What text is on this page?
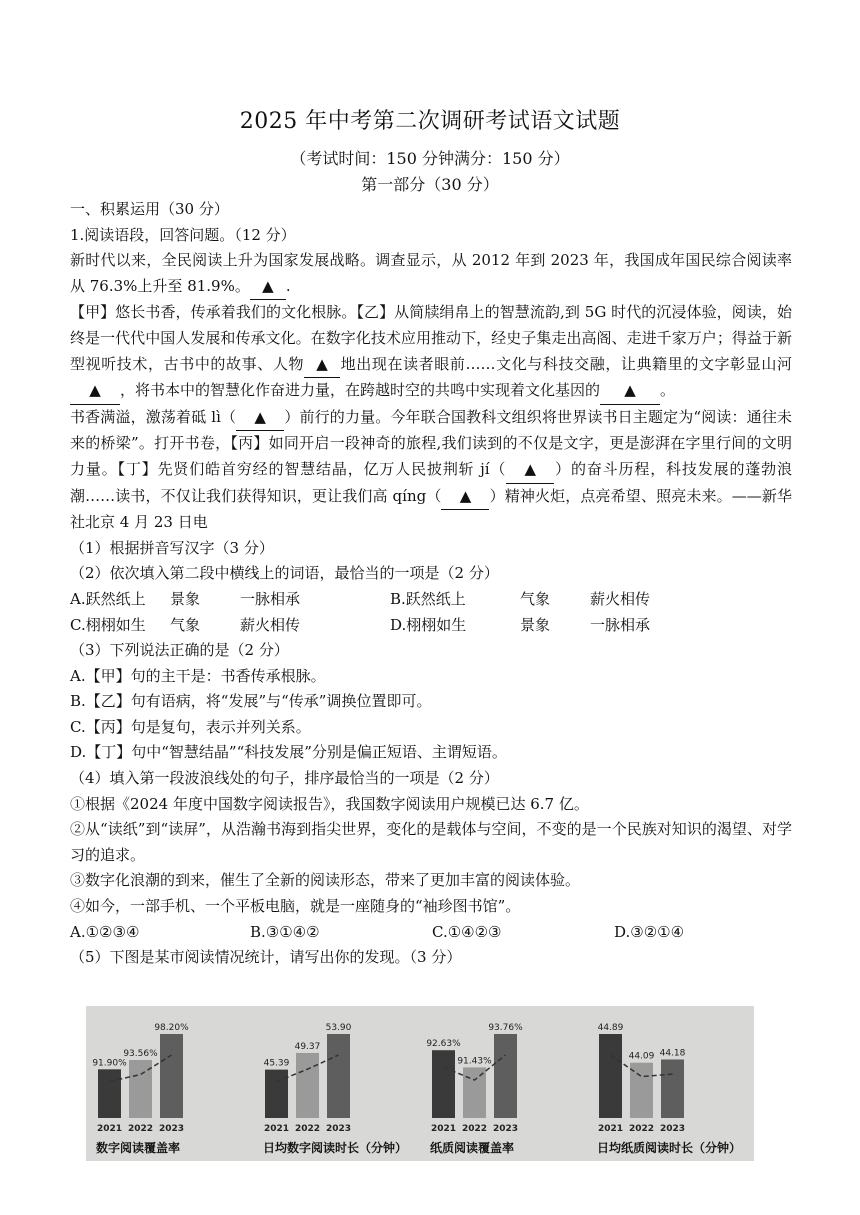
2025 年中考第二次调研考试语文试题
（考试时间：150 分钟满分：150 分）
第一部分（30 分）

一、积累运用（30 分）

1.阅读语段，回答问题。（12 分）

新时代以来，全民阅读上升为国家发展战略。调查显示，从 2012 年到 2023 年，我国成年国民综合阅读率从 76.3%上升至 81.9%。 ▲ .

【甲】悠长书香，传承着我们的文化根脉。【乙】从简牍绢帛上的智慧流韵,到 5G 时代的沉浸体验，阅读，始终是一代代中国人发展和传承文化。在数字化技术应用推动下，经史子集走出高阁、走进千家万户；得益于新型视听技术，古书中的故事、人物 ▲ 地出现在读者眼前……文化与科技交融，让典籍里的文字彰显山河▲ ，将书本中的智慧化作奋进力量，在跨越时空的共鸣中实现着文化基因的 ▲ 。

书香满溢，激荡着砥 lì（ ▲ ）前行的力量。今年联合国教科文组织将世界读书日主题定为“阅读：通往未来的桥梁”。打开书卷，【丙】如同开启一段神奇的旅程,我们读到的不仅是文字，更是澎湃在字里行间的文明力量。【丁】先贤们皓首穷经的智慧结晶，亿万人民披荆斩 jí（ ▲ ）的奋斗历程，科技发展的蓬勃浪潮……读书，不仅让我们获得知识，更让我们高 qíng（ ▲ ）精神火炬，点亮希望、照亮未来。——新华社北京 4 月 23 日电

（1）根据拼音写汉字（3 分）

（2）依次填入第二段中横线上的词语，最恰当的一项是（2 分）

A.跃然纸上	景象	一脉相承	B.跃然纸上	气象	薪火相传
C.栩栩如生	气象	薪火相传	D.栩栩如生	景象	一脉相承

（3）下列说法正确的是（2 分）

A.【甲】句的主干是：书香传承根脉。

B.【乙】句有语病，将“发展”与“传承”调换位置即可。

C.【丙】句是复句，表示并列关系。

D.【丁】句中“智慧结晶”“科技发展”分别是偏正短语、主谓短语。

（4）填入第一段波浪线处的句子，排序最恰当的一项是（2 分）

①根据《2024 年度中国数字阅读报告》，我国数字阅读用户规模已达 6.7 亿。

②从“读纸”到“读屏”，从浩瀚书海到指尖世界，变化的是载体与空间，不变的是一个民族对知识的渴望、对学习的追求。

③数字化浪潮的到来，催生了全新的阅读形态，带来了更加丰富的阅读体验。

④如今，一部手机、一个平板电脑，就是一座随身的“袖珍图书馆”。

A.①②③④	B.③①④②	C.①④②③	D.③②①④

（5）下图是某市阅读情况统计，请写出你的发现。（3 分）

91.90%
2021
93.56%
2022
98.20%
2023
数字阅读覆盖率
45.39
2021
49.37
2022
53.90
2023
日均数字阅读时长（分钟）
92.63%
2021
91.43%
2022
93.76%
2023
纸质阅读覆盖率
44.89
2021
44.09
2022
44.18
2023
日均纸质阅读时长（分钟）
